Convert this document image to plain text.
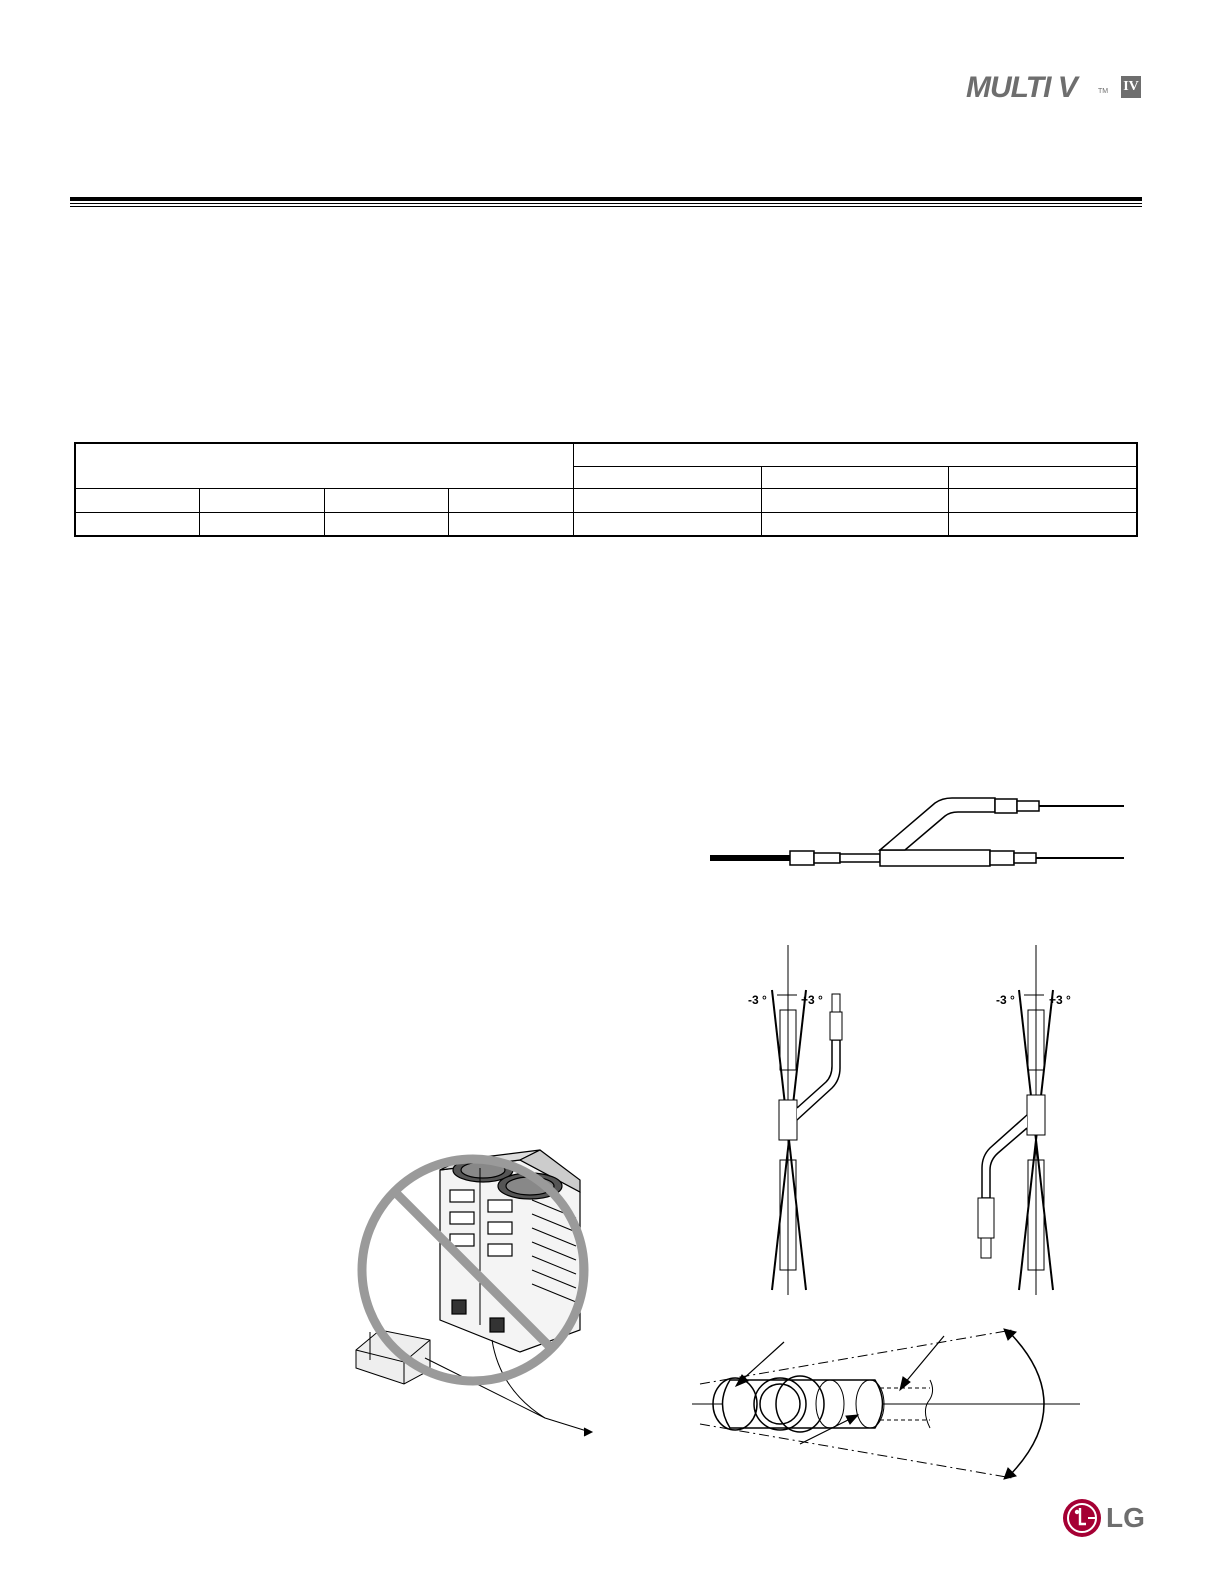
MULTI V	TM IV

-3 °	+3 °	-3 °	+3 °
LG
